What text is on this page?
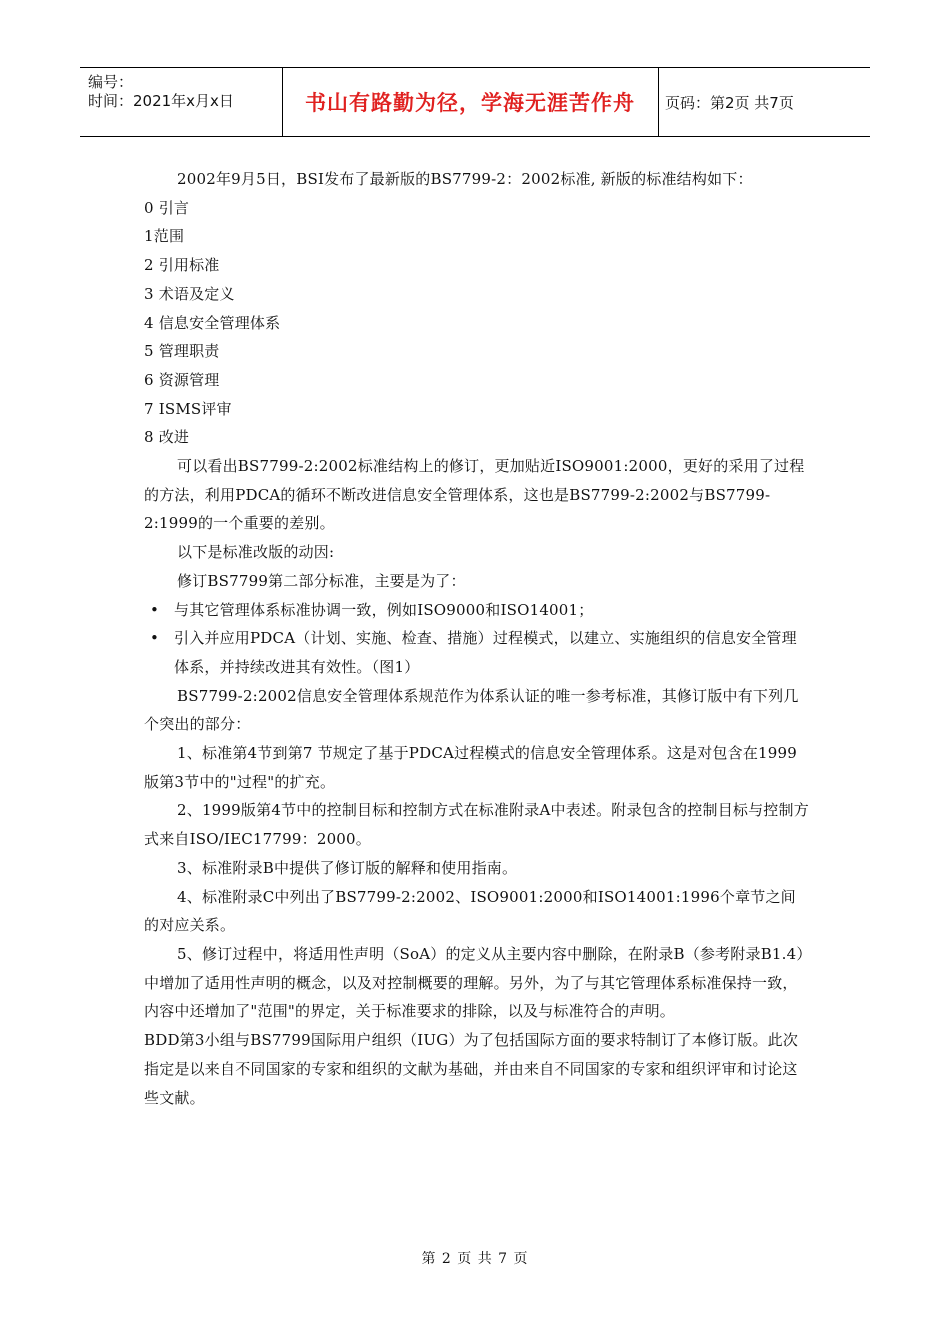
编号：
时间：2021年x月x日	书山有路勤为径，学海无涯苦作舟	页码：第2页 共7页

2002年9月5日，BSI发布了最新版的BS7799-2：2002标准, 新版的标准结构如下：

0 引言

1范围

2 引用标准

3 术语及定义

4 信息安全管理体系

5 管理职责

6 资源管理

7 ISMS评审

8 改进

可以看出BS7799-2:2002标准结构上的修订，更加贴近ISO9001:2000，更好的采用了过程的方法，利用PDCA的循环不断改进信息安全管理体系，这也是BS7799-2:2002与BS7799-2:1999的一个重要的差别。

以下是标准改版的动因:

修订BS7799第二部分标准，主要是为了：

• 与其它管理体系标准协调一致，例如ISO9000和ISO14001；

• 引入并应用PDCA（计划、实施、检查、措施）过程模式，以建立、实施组织的信息安全管理体系，并持续改进其有效性。（图1）

BS7799-2:2002信息安全管理体系规范作为体系认证的唯一参考标准，其修订版中有下列几个突出的部分：

1、标准第4节到第7 节规定了基于PDCA过程模式的信息安全管理体系。这是对包含在1999版第3节中的"过程"的扩充。

2、1999版第4节中的控制目标和控制方式在标准附录A中表述。附录包含的控制目标与控制方式来自ISO/IEC17799：2000。

3、标准附录B中提供了修订版的解释和使用指南。

4、标准附录C中列出了BS7799-2:2002、ISO9001:2000和ISO14001:1996个章节之间的对应关系。

5、修订过程中，将适用性声明（SoA）的定义从主要内容中删除，在附录B（参考附录B1.4）中增加了适用性声明的概念，以及对控制概要的理解。另外，为了与其它管理体系标准保持一致，内容中还增加了"范围"的界定，关于标准要求的排除，以及与标准符合的声明。

BDD第3小组与BS7799国际用户组织（IUG）为了包括国际方面的要求特制订了本修订版。此次指定是以来自不同国家的专家和组织的文献为基础，并由来自不同国家的专家和组织评审和讨论这些文献。

第 2 页 共 7 页
